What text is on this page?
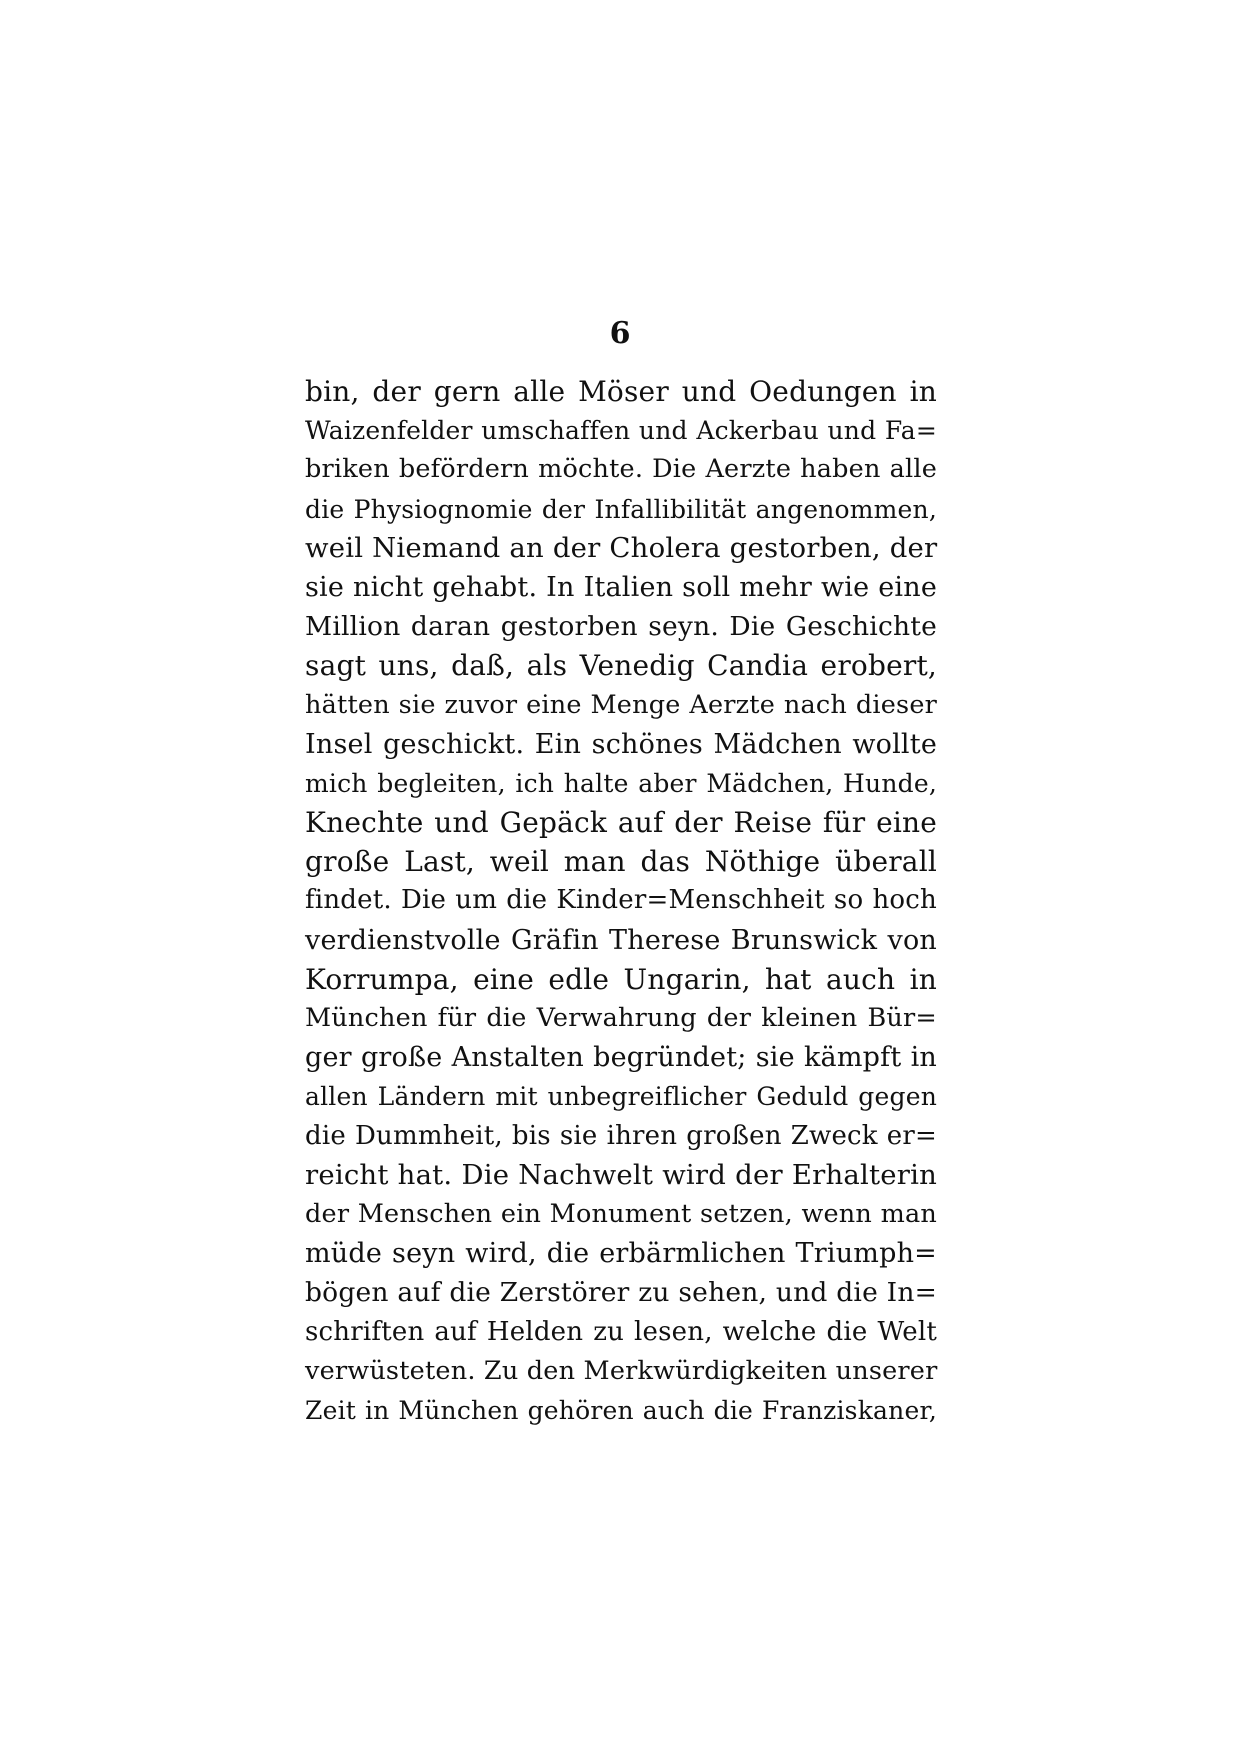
6
bin, der gern alle Möser und Oedungen in
Waizenfelder umschaffen und Ackerbau und Fa=
briken befördern möchte. Die Aerzte haben alle
die Physiognomie der Infallibilität angenommen,
weil Niemand an der Cholera gestorben, der
sie nicht gehabt. In Italien soll mehr wie eine
Million daran gestorben seyn. Die Geschichte
sagt uns, daß, als Venedig Candia erobert,
hätten sie zuvor eine Menge Aerzte nach dieser
Insel geschickt. Ein schönes Mädchen wollte
mich begleiten, ich halte aber Mädchen, Hunde,
Knechte und Gepäck auf der Reise für eine
große Last, weil man das Nöthige überall
findet. Die um die Kinder=Menschheit so hoch
verdienstvolle Gräfin Therese Brunswick von
Korrumpa, eine edle Ungarin, hat auch in
München für die Verwahrung der kleinen Bür=
ger große Anstalten begründet; sie kämpft in
allen Ländern mit unbegreiflicher Geduld gegen
die Dummheit, bis sie ihren großen Zweck er=
reicht hat. Die Nachwelt wird der Erhalterin
der Menschen ein Monument setzen, wenn man
müde seyn wird, die erbärmlichen Triumph=
bögen auf die Zerstörer zu sehen, und die In=
schriften auf Helden zu lesen, welche die Welt
verwüsteten. Zu den Merkwürdigkeiten unserer
Zeit in München gehören auch die Franziskaner,
